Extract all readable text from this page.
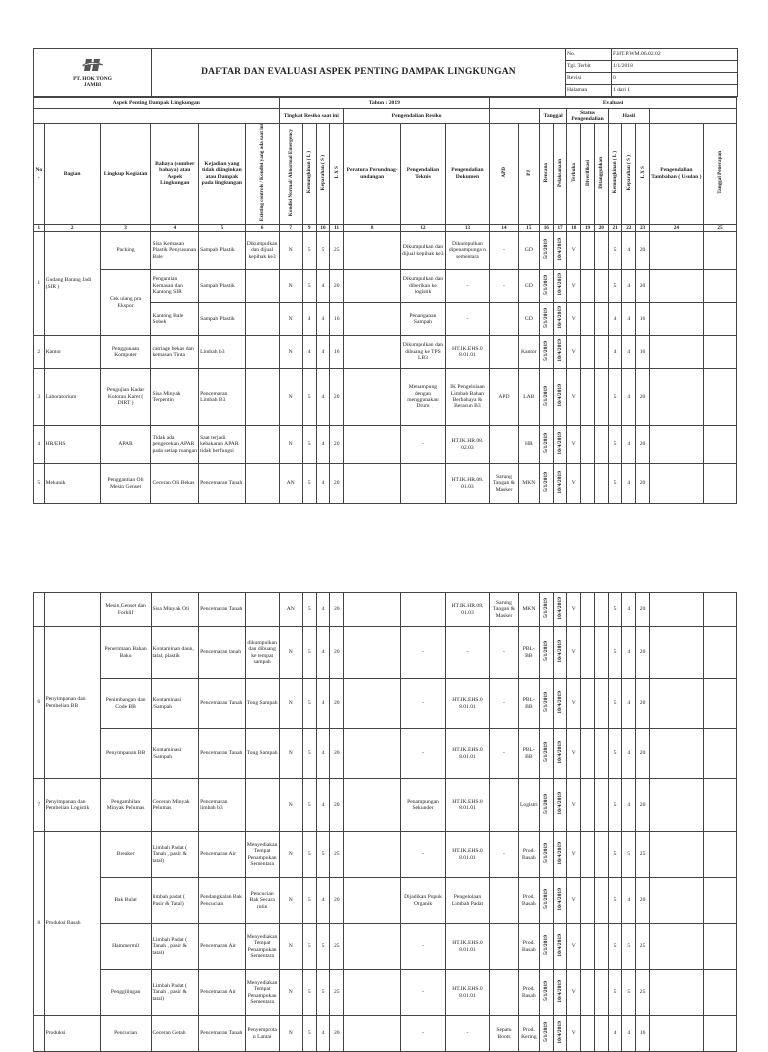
PT. HOK TONG
JAMBI	DAFTAR DAN EVALUASI ASPEK PENTING DAMPAK LINGKUNGAN	No.	F.HT.P.WM.06.02.02
		Tgl. Terbit	1/1/2018
		Revisi	0
		Halaman	1 dari 1
Aspek Penting Dampak Lingkungan						Tahun : 2019							Evaluasi											
						Tingkat Resiko saat ini				Pengendalian Resiko					Tanggal		Status Pengendalian			Hasil				
No.	Bagian	Lingkup Kegiatan	Bahaya (sumber bahaya) atau Aspek Lingkungan	Kejadian yang tidak diinginkan atau Dampak pada lingkungan	Existing controls / Kondisi yang ada saat ini	Kondisi Normal/ Abnormal Emergency	Kemungkinan ( L )	Keparahan ( S )	L X S	Peratura Perundnag-undangan	Pengendalian Teknis	Pengendalian Dokumen	APD	PJ	Rencana	Pelaksanaan	Terbuka	Diverifikasi	Ditangguhkan	Kemungkinan ( L )	Keparahan ( S )	L X S	Pengendalian Tambahan ( Usulan )	Tanggal Penerapan
1	2	3	4	5	6	7	9	10	11	8	12	13	14	15	16	17	18	19	20	21	22	23	24	25
1	Gudang Barang Jadi (SIR )	Packing	Sisa Kemasan Plastik Penyusunan Bale	Sampah Plastik	Dikumpulkan dan dijual kepihak ke3	N	5	5	25		Dikumpulkan dan dijual kepihak ke3	Dikumpulkan dipenampunga n sementara	-	GD	5/1/2019	10/4/2019	V			5	4	20		
		Cek ulang pra Ekspor	Pengantian Kemasan dan Kantong SIR	Sampah Plastik		N	5	4	20		Dikumpulkan dan diberikan ke logistik	-	-	GD	5/1/2019	10/4/2019	V			5	4	20		
			Kantong Bale Sobek	Sampah Plastik		N	4	4	16		Penanganan Sampah	-		GD	5/1/2019	10/4/2019	V			4	4	16		
2	Kantor	Penggunaan Komputer	catriage bekas dan kemasan Tinta	Limbah b3		N	4	4	16		Dikumpulkan dan dibuang ke TPS LB3	HT.IK.EHS.0 8.01.01		Kantor	5/1/2019	10/4/2019	V			4	4	16		
3	Laboratorium	Pengujian Kadar Kotoran Karet ( DIRT )	Sisa Minyak Terpentin	Pencemaran Limbah B3		N	5	4	20		Menampung dengan menggunakan Drum	IK Pengelolaan Limbah Bahan Berbahaya & Beracun B3	APD	LAB	5/1/2019	10/4/2019	V			5	4	20		
4	HR/EHS	APAR	Tidak ada pengecekan APAR pada setiap ruangan	Saat terjadi kebakaran APAR tidak berfungsi		N	5	4	20		-	HT.IK.HR.08. 02.03		HR	5/1/2019	10/4/2019	V			5	4	20		
5	Mekanik	Penggantian Oli Mesin Genset	Ceceran Oli Bekas	Pencemaran Tanah		AN	5	4	20			HT.IK.HR.08. 01.03	Sarung Tangan & Masker	MKN	5/1/2019	10/4/2019	V			5	4	20		
		Mesin,Genset dan Forklif	Sisa Minyak Oli	Pencemaran Tanah		AN	5	4	20			HT.IK.HR.08. 01.03	Sarung Tangan & Masker	MKN	5/1/2019	10/4/2019	V			5	4	20		
6	Penyimpanan dan Pembelian BB	Penerimaan Bahan Baku	Kontaminan daun, tatal, plastik	Pencemaran tanah	dikumpulkan dan dibuang ke tempat sampah	N	5	4	20		-	-	-	PBL-BB	5/1/2019	10/4/2019	V			5	4	20		
		Penimbangan dan Code BB	Kontaminasi /Sampah	Pencemaran Tanah	Tong Sampah	N	5	4	20		-	HT.IK.EHS.0 8.01.01	-	PBL-BB	5/1/2019	10/4/2019	V			5	4	20		
		Penyimpanan BB	Kontaminasi /Sampah	Pencemaran Tanah	Tong Sampah	N	5	4	20		-	HT.IK.EHS.0 8.01.01	-	PBL-BB	5/1/2019	10/4/2019	V			5	4	20		
7	Penyimpanan dan Pembelian Logistik	Pengambilan Minyak Pelumas	Ceceran Minyak Pelumas	Pencemaran limbah b3		N	5	4	20		Penampungan Sekunder	HT.IK.EHS.0 8.01.01		Logistri	5/1/2019	10/4/2019	V			5	4	20		
8	Produksi Basah	Breaker	Limbah Padat ( Tanah , pasir & tatal)	Pencemaran Air	Menyediakan Tempat Penampukan Sementara	N	5	5	25		-	HT.IK.EHS.0 8.01.01	-	Prod. Basah	5/1/2019	10/4/2019	V			5	5	25		
		Bak Bulat	limbah padat ( Pasir & Tatal)	Pendangkalan Bak Pencucian	Pencucian Bak Secara rutin	N	5	4	20		Dijadikan Pupuk Organik	Pengelolaan Limbah Padat		Prod. Basah	5/1/2019	10/4/2019	V			5	4	20		
		Hammermil	Limbah Padat ( Tanah , pasir & tatal)	Pencemaran Air	Menyediakan Tempat Penampukan Sementara	N	5	5	25		-	HT.IK.EHS.0 8.01.01		Prod. Basah	5/1/2019	10/4/2019	V			5	5	25		
		Penggilingan	Limbah Padat ( Tanah , pasir & tatal)	Pencemaran Air	Menyediakan Tempat Penampukan Sementara	N	5	5	25		-	HT.IK.EHS.0 8.01.01		Prod. Basah	5/1/2019	10/4/2019	V			5	5	25		
	Produksi	Pencucian	Ceceran Getah	Pencemaran Tanah	Penyemprotan Lantai	N	5	4	20		-	-	Sepatu Boots	Prod. Kering	5/1/2019	10/4/2019	V			4	4	16		
